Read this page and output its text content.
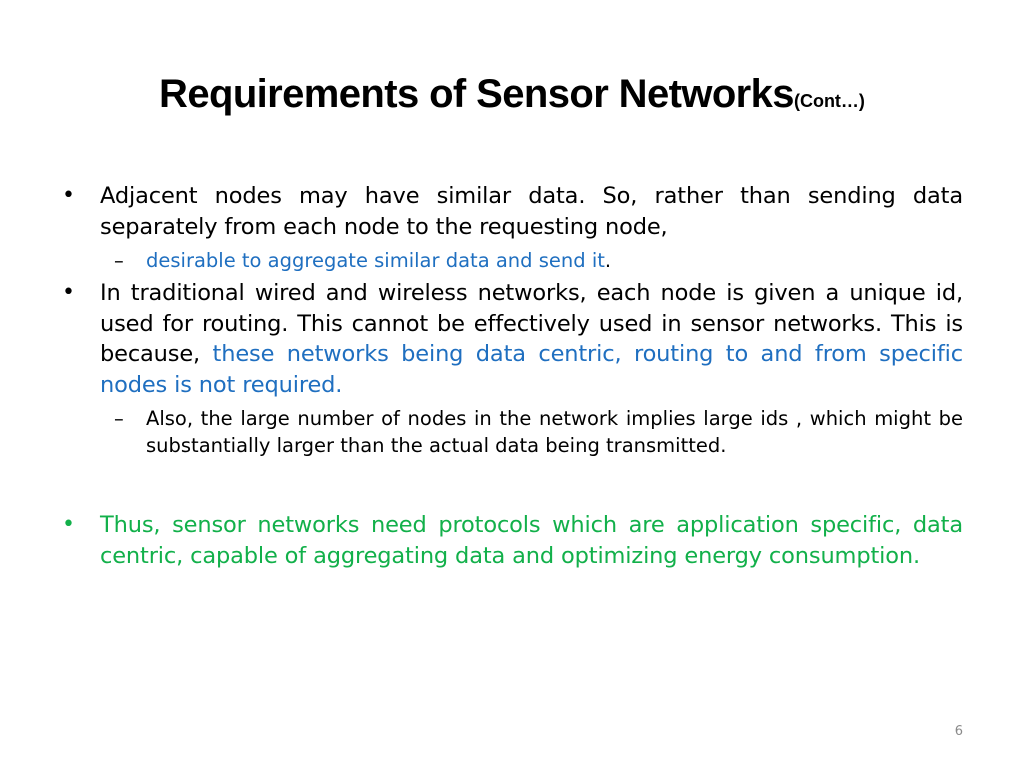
Requirements of Sensor Networks(Cont…)
• Adjacent nodes may have similar data. So, rather than sending data separately from each node to the requesting node,
– desirable to aggregate similar data and send it.
• In traditional wired and wireless networks, each node is given a unique id, used for routing. This cannot be effectively used in sensor networks. This is because, these networks being data centric, routing to and from specific nodes is not required.
– Also, the large number of nodes in the network implies large ids , which might be substantially larger than the actual data being transmitted.
• Thus, sensor networks need protocols which are application specific, data centric, capable of aggregating data and optimizing energy consumption.
6
